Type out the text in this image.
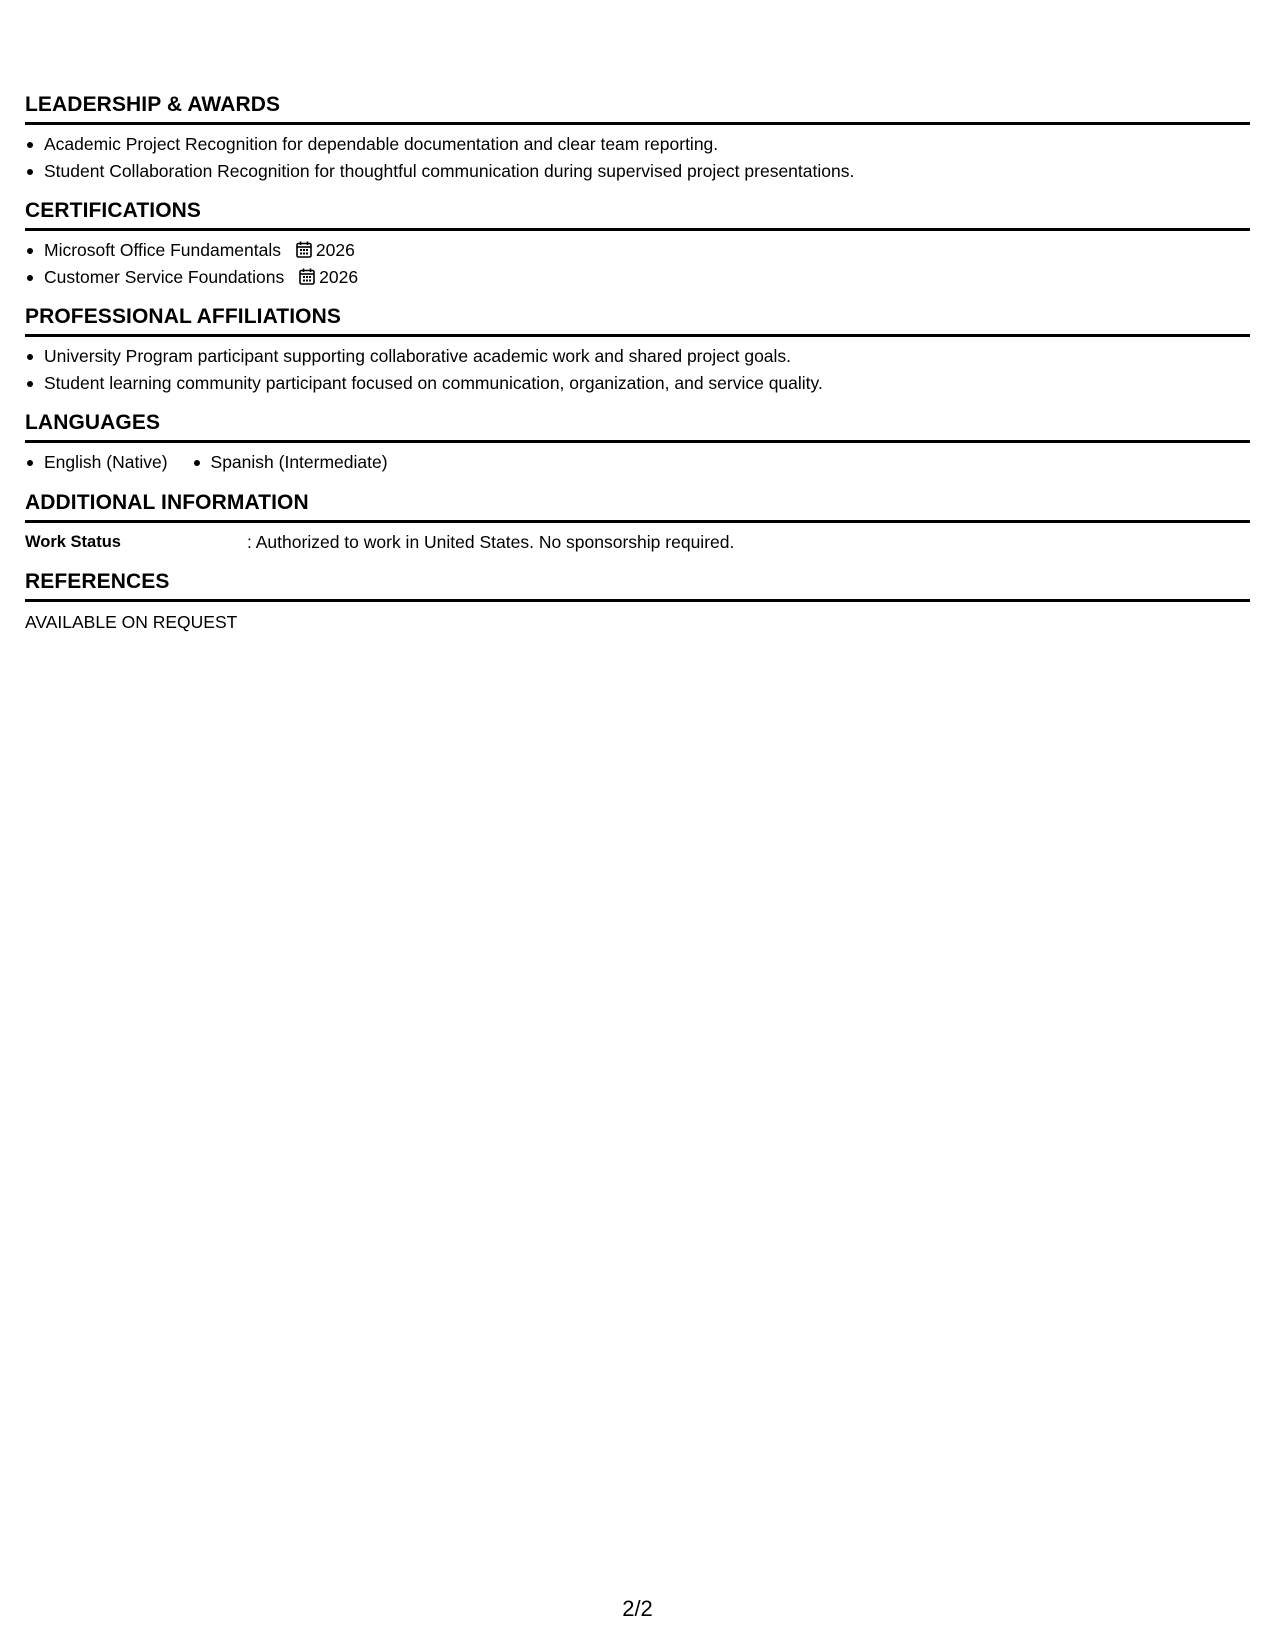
LEADERSHIP & AWARDS
Academic Project Recognition for dependable documentation and clear team reporting.
Student Collaboration Recognition for thoughtful communication during supervised project presentations.
CERTIFICATIONS
Microsoft Office Fundamentals 2026
Customer Service Foundations 2026
PROFESSIONAL AFFILIATIONS
University Program participant supporting collaborative academic work and shared project goals.
Student learning community participant focused on communication, organization, and service quality.
LANGUAGES
English (Native)	Spanish (Intermediate)
ADDITIONAL INFORMATION
Work Status	: Authorized to work in United States. No sponsorship required.
REFERENCES
AVAILABLE ON REQUEST
2/2
